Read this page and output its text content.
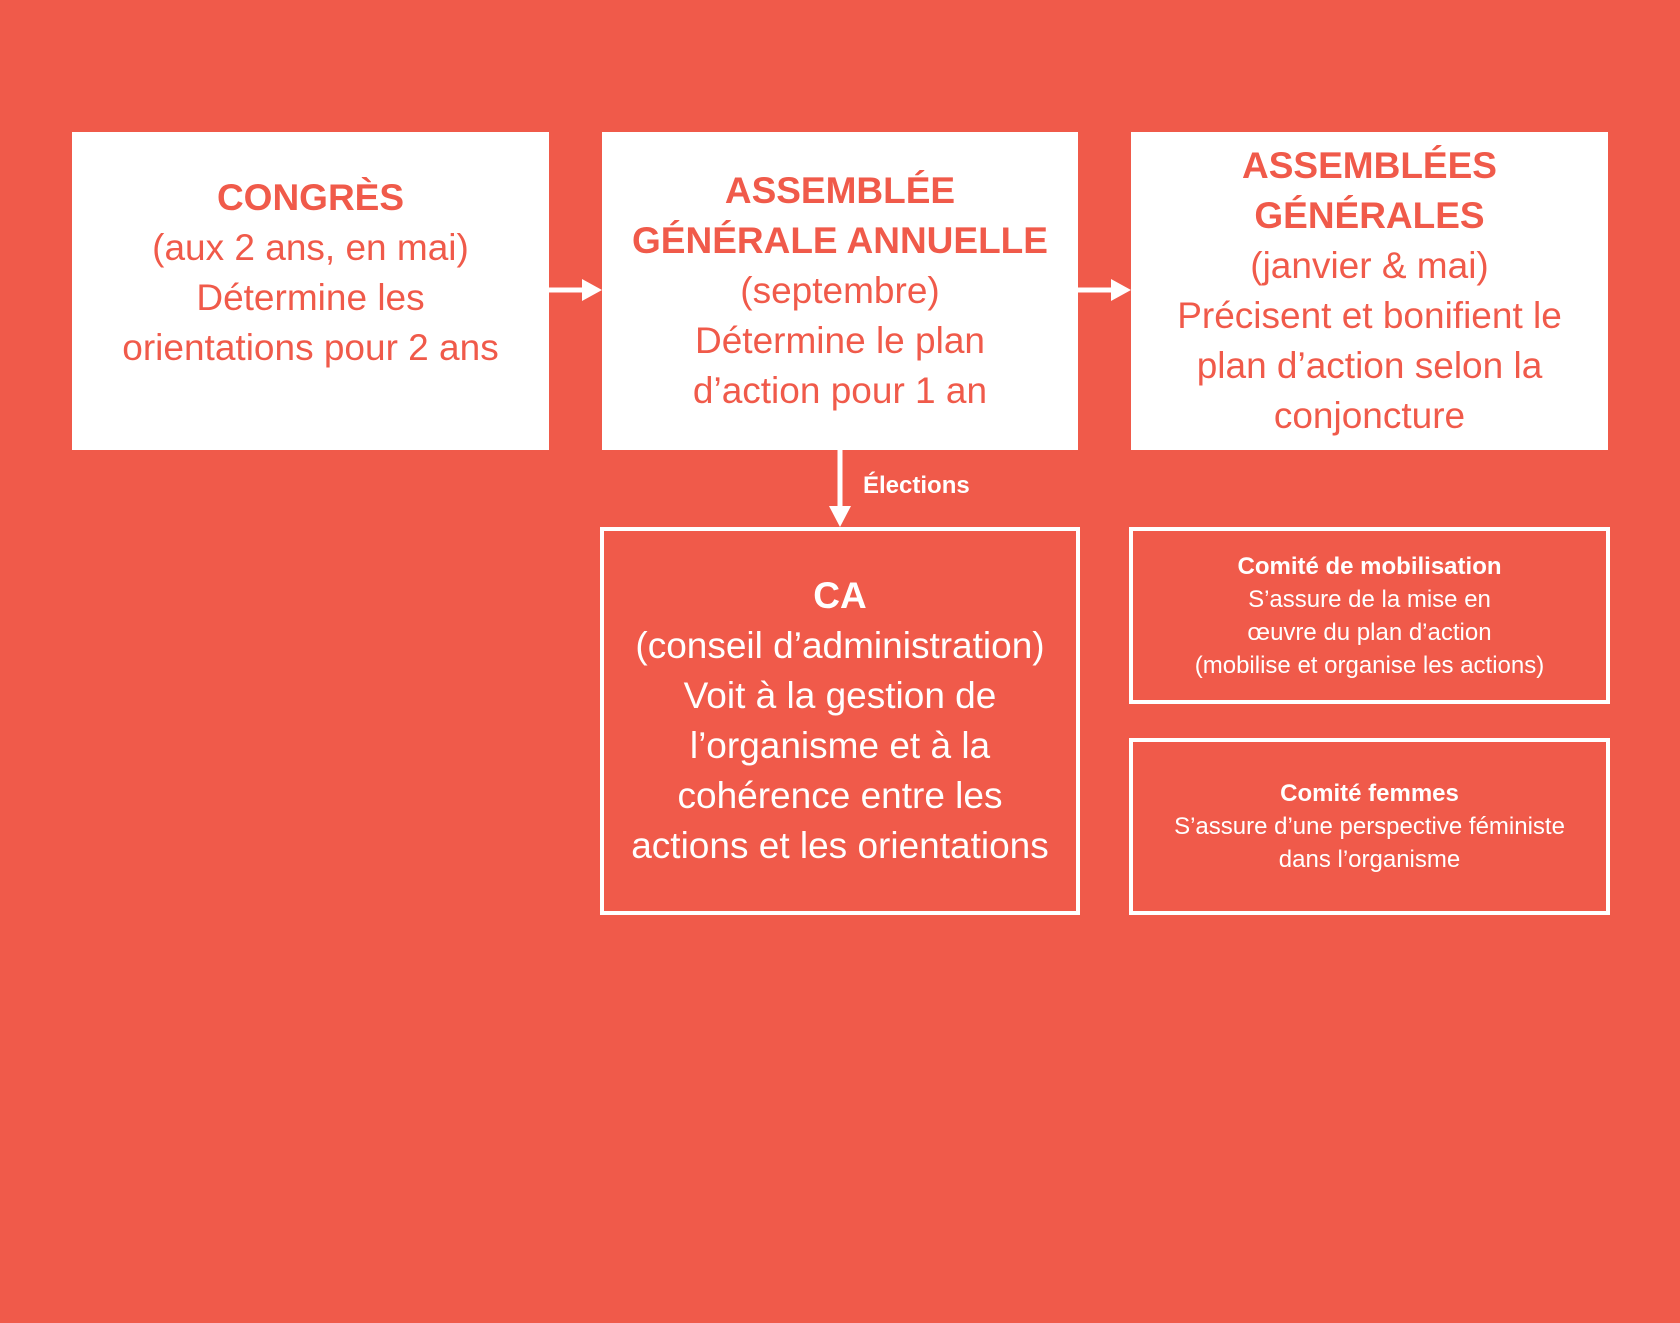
CONGRÈS
(aux 2 ans, en mai)
Détermine les
orientations pour 2 ans
ASSEMBLÉE
GÉNÉRALE ANNUELLE
(septembre)
Détermine le plan
d’action pour 1 an
ASSEMBLÉES
GÉNÉRALES
(janvier & mai)
Précisent et bonifient le
plan d’action selon la
conjoncture
Élections
CA
(conseil d’administration)
Voit à la gestion de
l’organisme et à la
cohérence entre les
actions et les orientations
Comité de mobilisation
S’assure de la mise en
œuvre du plan d’action
(mobilise et organise les actions)
Comité femmes
S’assure d’une perspective féministe
dans l’organisme
